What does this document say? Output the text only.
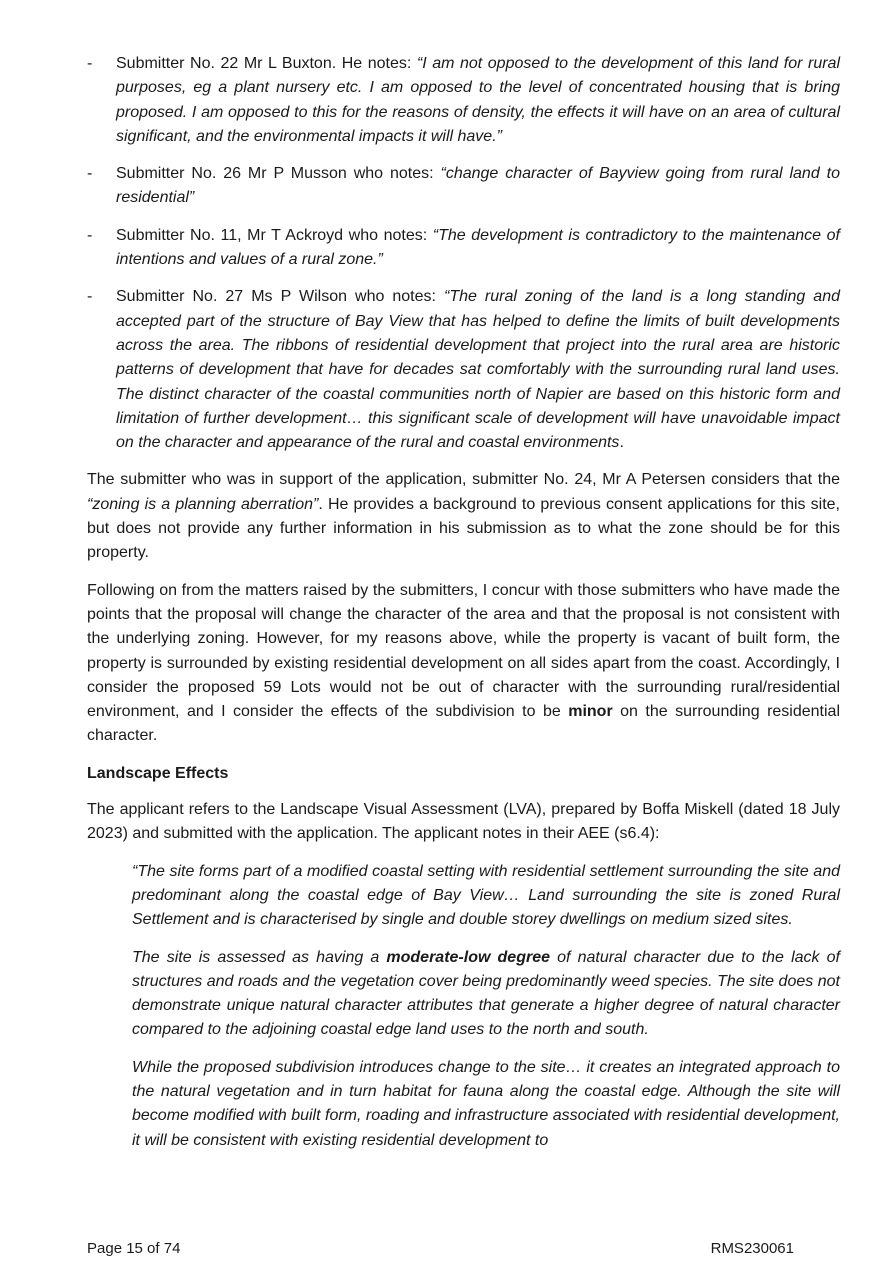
- Submitter No. 22 Mr L Buxton. He notes: “I am not opposed to the development of this land for rural purposes, eg a plant nursery etc. I am opposed to the level of concentrated housing that is bring proposed. I am opposed to this for the reasons of density, the effects it will have on an area of cultural significant, and the environmental impacts it will have.”
- Submitter No. 26 Mr P Musson who notes: “change character of Bayview going from rural land to residential”
- Submitter No. 11, Mr T Ackroyd who notes: “The development is contradictory to the maintenance of intentions and values of a rural zone.”
- Submitter No. 27 Ms P Wilson who notes: “The rural zoning of the land is a long standing and accepted part of the structure of Bay View that has helped to define the limits of built developments across the area. The ribbons of residential development that project into the rural area are historic patterns of development that have for decades sat comfortably with the surrounding rural land uses. The distinct character of the coastal communities north of Napier are based on this historic form and limitation of further development… this significant scale of development will have unavoidable impact on the character and appearance of the rural and coastal environments.

The submitter who was in support of the application, submitter No. 24, Mr A Petersen considers that the “zoning is a planning aberration”. He provides a background to previous consent applications for this site, but does not provide any further information in his submission as to what the zone should be for this property.

Following on from the matters raised by the submitters, I concur with those submitters who have made the points that the proposal will change the character of the area and that the proposal is not consistent with the underlying zoning. However, for my reasons above, while the property is vacant of built form, the property is surrounded by existing residential development on all sides apart from the coast. Accordingly, I consider the proposed 59 Lots would not be out of character with the surrounding rural/residential environment, and I consider the effects of the subdivision to be minor on the surrounding residential character.

Landscape Effects

The applicant refers to the Landscape Visual Assessment (LVA), prepared by Boffa Miskell (dated 18 July 2023) and submitted with the application. The applicant notes in their AEE (s6.4):

“The site forms part of a modified coastal setting with residential settlement surrounding the site and predominant along the coastal edge of Bay View… Land surrounding the site is zoned Rural Settlement and is characterised by single and double storey dwellings on medium sized sites.

The site is assessed as having a moderate-low degree of natural character due to the lack of structures and roads and the vegetation cover being predominantly weed species. The site does not demonstrate unique natural character attributes that generate a higher degree of natural character compared to the adjoining coastal edge land uses to the north and south.

While the proposed subdivision introduces change to the site… it creates an integrated approach to the natural vegetation and in turn habitat for fauna along the coastal edge. Although the site will become modified with built form, roading and infrastructure associated with residential development, it will be consistent with existing residential development to

Page 15 of 74	RMS230061
